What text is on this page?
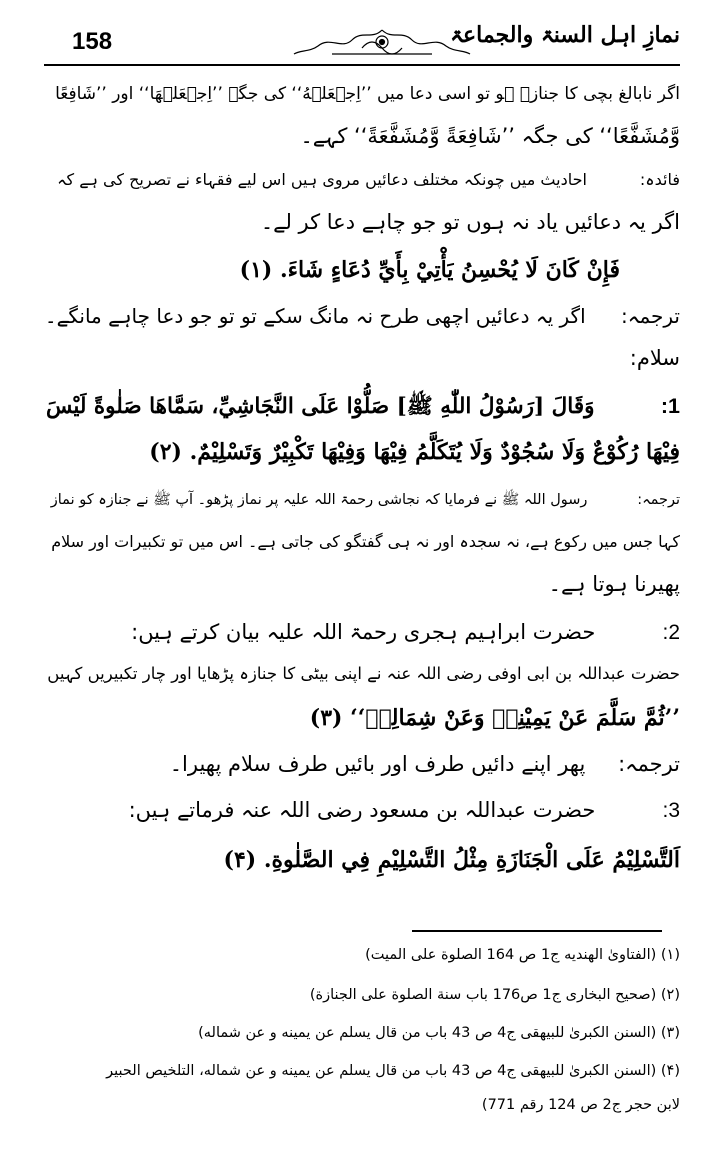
158	نمازِ اہل السنۃ والجماعۃ
اگر نابالغ بچی کا جنازہ ہو تو اسی دعا میں ’’اِجۡعَلۡهُ‘‘ کی جگہ ’’اِجۡعَلۡهَا‘‘ اور ’’شَافِعًا
وَّمُشَفَّعًا‘‘ کی جگہ ’’شَافِعَةً وَّمُشَفَّعَةً‘‘ کہے۔
فائدہ: احادیث میں چونکہ مختلف دعائیں مروی ہیں اس لیے فقہاء نے تصریح کی ہے کہ
اگر یہ دعائیں یاد نہ ہوں تو جو چاہے دعا کر لے۔
فَإِنْ كَانَ لَا يُحْسِنُ يَأْتِيْ بِأَيِّ دُعَاءٍ شَاءَ. (۱)
ترجمہ: اگر یہ دعائیں اچھی طرح نہ مانگ سکے تو تو جو دعا چاہے مانگے۔
سلام:
1: وَقَالَ [رَسُوْلُ اللّٰهِ ﷺ] صَلُّوْا عَلَى النَّجَاشِيِّ، سَمَّاهَا صَلٰوةً لَيْسَ
فِيْهَا رُكُوْعٌ وَلَا سُجُوْدٌ وَلَا يُتَكَلَّمُ فِيْهَا وَفِيْهَا تَكْبِيْرٌ وَتَسْلِيْمٌ. (۲)
ترجمہ: رسول اللہ ﷺ نے فرمایا کہ نجاشی رحمۃ اللہ علیہ پر نماز پڑھو۔ آپ ﷺ نے جنازہ کو نماز
کہا جس میں رکوع ہے، نہ سجدہ اور نہ ہی گفتگو کی جاتی ہے۔ اس میں تو تکبیرات اور سلام
پھیرنا ہوتا ہے۔
2: حضرت ابراہیم ہجری رحمۃ اللہ علیہ بیان کرتے ہیں:
حضرت عبداللہ بن ابی اوفی رضی اللہ عنہ نے اپنی بیٹی کا جنازہ پڑھایا اور چار تکبیریں کہیں
’’ثُمَّ سَلَّمَ عَنْ يَمِيْنِهٖ وَعَنْ شِمَالِهٖ‘‘ (۳)
ترجمہ: پھر اپنے دائیں طرف اور بائیں طرف سلام پھیرا۔
3: حضرت عبداللہ بن مسعود رضی اللہ عنہ فرماتے ہیں:
اَلتَّسْلِيْمُ عَلَى الْجَنَازَةِ مِثْلُ التَّسْلِيْمِ فِي الصَّلٰوةِ. (۴)
(۱) (الفتاویٰ الهندیه ج1 ص 164 الصلوة علی المیت)
(۲) (صحیح البخاری ج1 ص176 باب سنة الصلوة علی الجنازة)
(۳) (السنن الکبریٰ للبیهقی ج4 ص 43 باب من قال یسلم عن یمینه و عن شماله)
(۴) (السنن الکبریٰ للبیهقی ج4 ص 43 باب من قال یسلم عن یمینه و عن شماله، التلخیص الحبیر
لابن حجر ج2 ص 124 رقم 771)
